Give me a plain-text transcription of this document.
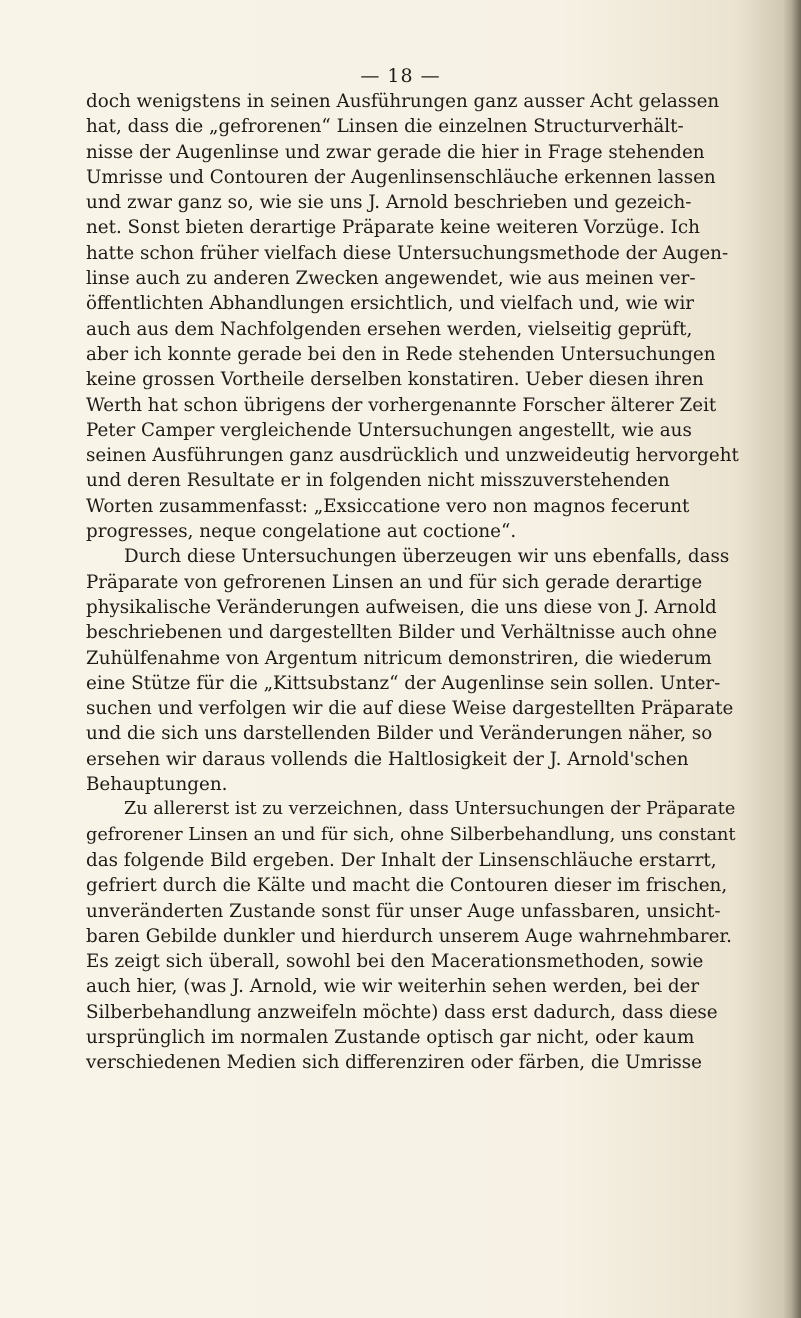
— 18 —
doch wenigstens in seinen Ausführungen ganz ausser Acht gelassen
hat, dass die „gefrorenen“ Linsen die einzelnen Structurverhält-
nisse der Augenlinse und zwar gerade die hier in Frage stehenden
Umrisse und Contouren der Augenlinsenschläuche erkennen lassen
und zwar ganz so, wie sie uns J. Arnold beschrieben und gezeich-
net. Sonst bieten derartige Präparate keine weiteren Vorzüge. Ich
hatte schon früher vielfach diese Untersuchungsmethode der Augen-
linse auch zu anderen Zwecken angewendet, wie aus meinen ver-
öffentlichten Abhandlungen ersichtlich, und vielfach und, wie wir
auch aus dem Nachfolgenden ersehen werden, vielseitig geprüft,
aber ich konnte gerade bei den in Rede stehenden Untersuchungen
keine grossen Vortheile derselben konstatiren. Ueber diesen ihren
Werth hat schon übrigens der vorhergenannte Forscher älterer Zeit
Peter Camper vergleichende Untersuchungen angestellt, wie aus
seinen Ausführungen ganz ausdrücklich und unzweideutig hervorgeht
und deren Resultate er in folgenden nicht misszuverstehenden
Worten zusammenfasst: „Exsiccatione vero non magnos fecerunt
progresses, neque congelatione aut coctione“.
Durch diese Untersuchungen überzeugen wir uns ebenfalls, dass
Präparate von gefrorenen Linsen an und für sich gerade derartige
physikalische Veränderungen aufweisen, die uns diese von J. Arnold
beschriebenen und dargestellten Bilder und Verhältnisse auch ohne
Zuhülfenahme von Argentum nitricum demonstriren, die wiederum
eine Stütze für die „Kittsubstanz“ der Augenlinse sein sollen. Unter-
suchen und verfolgen wir die auf diese Weise dargestellten Präparate
und die sich uns darstellenden Bilder und Veränderungen näher, so
ersehen wir daraus vollends die Haltlosigkeit der J. Arnold'schen
Behauptungen.
Zu allererst ist zu verzeichnen, dass Untersuchungen der Präparate
gefrorener Linsen an und für sich, ohne Silberbehandlung, uns constant
das folgende Bild ergeben. Der Inhalt der Linsenschläuche erstarrt,
gefriert durch die Kälte und macht die Contouren dieser im frischen,
unveränderten Zustande sonst für unser Auge unfassbaren, unsicht-
baren Gebilde dunkler und hierdurch unserem Auge wahrnehmbarer.
Es zeigt sich überall, sowohl bei den Macerationsmethoden, sowie
auch hier, (was J. Arnold, wie wir weiterhin sehen werden, bei der
Silberbehandlung anzweifeln möchte) dass erst dadurch, dass diese
ursprünglich im normalen Zustande optisch gar nicht, oder kaum
verschiedenen Medien sich differenziren oder färben, die Umrisse
